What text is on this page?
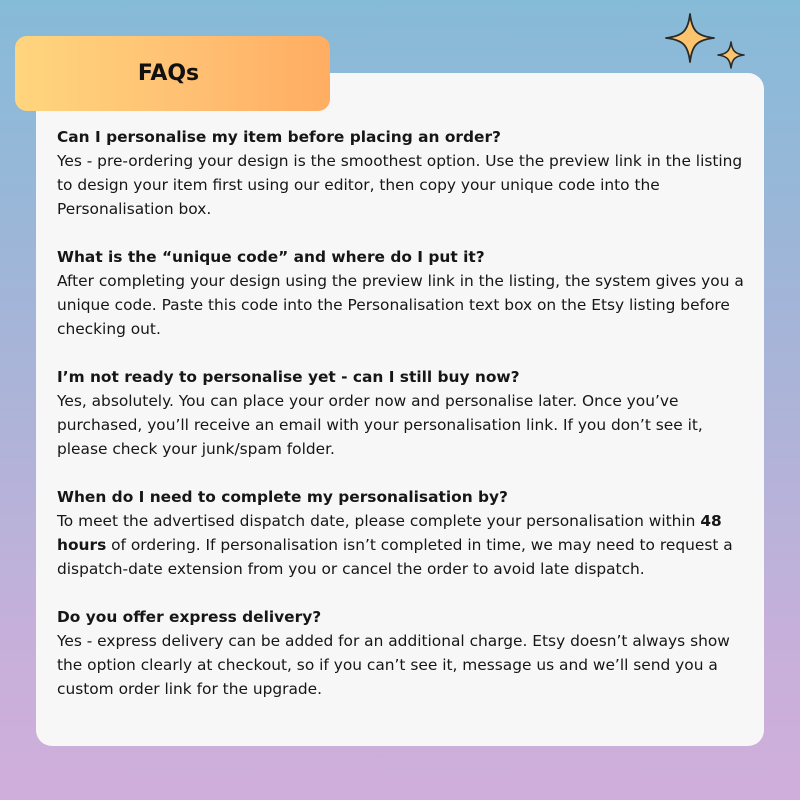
FAQs
Can I personalise my item before placing an order?
Yes - pre-ordering your design is the smoothest option. Use the preview link in the listing to design your item first using our editor, then copy your unique code into the Personalisation box.
What is the “unique code” and where do I put it?
After completing your design using the preview link in the listing, the system gives you a unique code. Paste this code into the Personalisation text box on the Etsy listing before checking out.
I’m not ready to personalise yet - can I still buy now?
Yes, absolutely. You can place your order now and personalise later. Once you’ve purchased, you’ll receive an email with your personalisation link. If you don’t see it, please check your junk/spam folder.
When do I need to complete my personalisation by?
To meet the advertised dispatch date, please complete your personalisation within 48 hours of ordering. If personalisation isn’t completed in time, we may need to request a dispatch-date extension from you or cancel the order to avoid late dispatch.
Do you offer express delivery?
Yes - express delivery can be added for an additional charge. Etsy doesn’t always show the option clearly at checkout, so if you can’t see it, message us and we’ll send you a custom order link for the upgrade.
